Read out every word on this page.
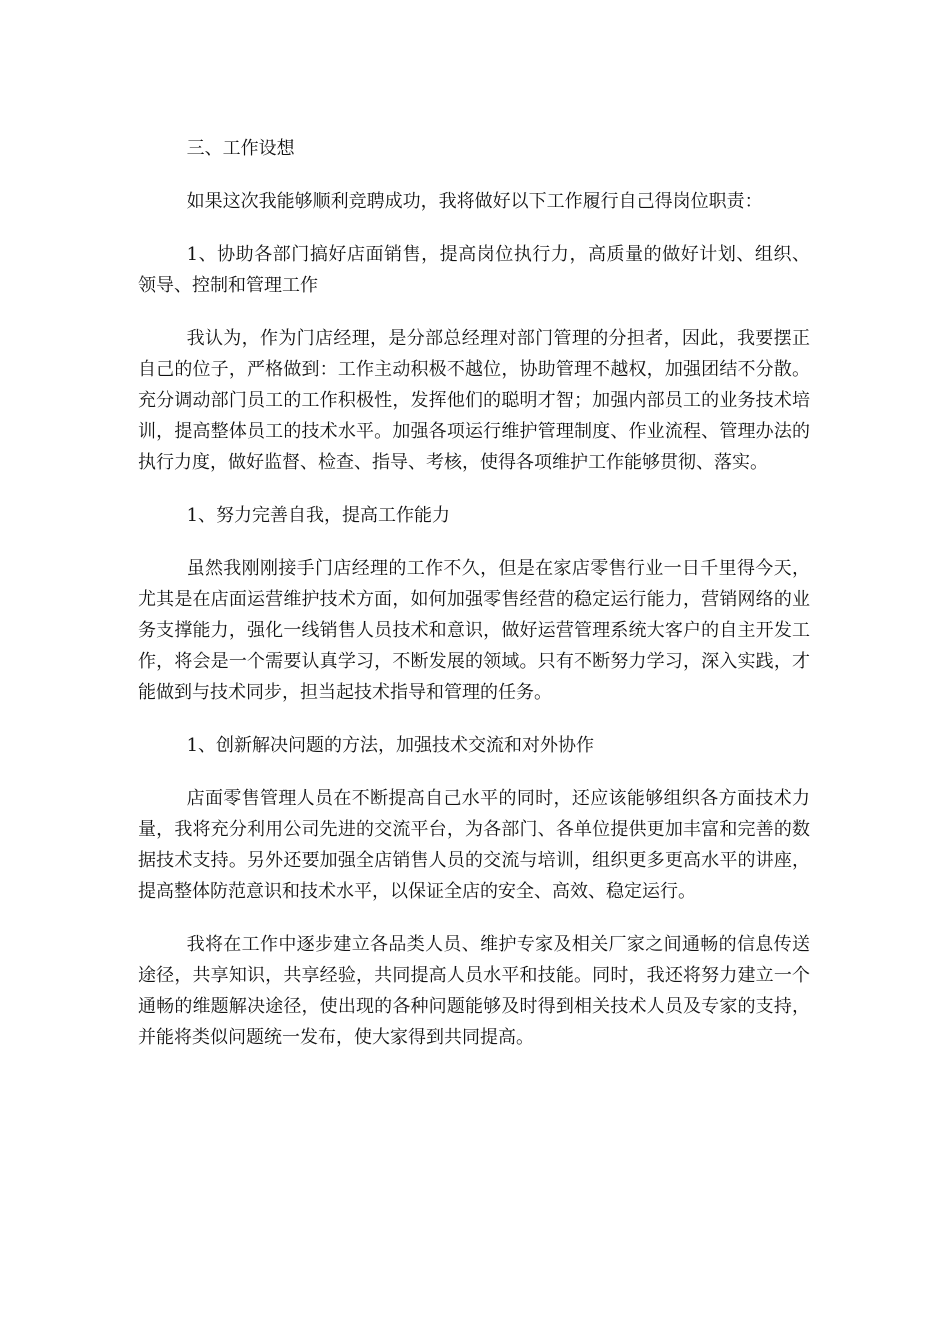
三、工作设想

如果这次我能够顺利竞聘成功，我将做好以下工作履行自己得岗位职责：

1、协助各部门搞好店面销售，提高岗位执行力，高质量的做好计划、组织、领导、控制和管理工作

我认为，作为门店经理，是分部总经理对部门管理的分担者，因此，我要摆正自己的位子，严格做到：工作主动积极不越位，协助管理不越权，加强团结不分散。充分调动部门员工的工作积极性，发挥他们的聪明才智；加强内部员工的业务技术培训，提高整体员工的技术水平。加强各项运行维护管理制度、作业流程、管理办法的执行力度，做好监督、检查、指导、考核，使得各项维护工作能够贯彻、落实。

1、努力完善自我，提高工作能力

虽然我刚刚接手门店经理的工作不久，但是在家店零售行业一日千里得今天，尤其是在店面运营维护技术方面，如何加强零售经营的稳定运行能力，营销网络的业务支撑能力，强化一线销售人员技术和意识，做好运营管理系统大客户的自主开发工作，将会是一个需要认真学习，不断发展的领域。只有不断努力学习，深入实践，才能做到与技术同步，担当起技术指导和管理的任务。

1、创新解决问题的方法，加强技术交流和对外协作

店面零售管理人员在不断提高自己水平的同时，还应该能够组织各方面技术力量，我将充分利用公司先进的交流平台，为各部门、各单位提供更加丰富和完善的数据技术支持。另外还要加强全店销售人员的交流与培训，组织更多更高水平的讲座，提高整体防范意识和技术水平，以保证全店的安全、高效、稳定运行。

我将在工作中逐步建立各品类人员、维护专家及相关厂家之间通畅的信息传送途径，共享知识，共享经验，共同提高人员水平和技能。同时，我还将努力建立一个通畅的维题解决途径，使出现的各种问题能够及时得到相关技术人员及专家的支持，并能将类似问题统一发布，使大家得到共同提高。
